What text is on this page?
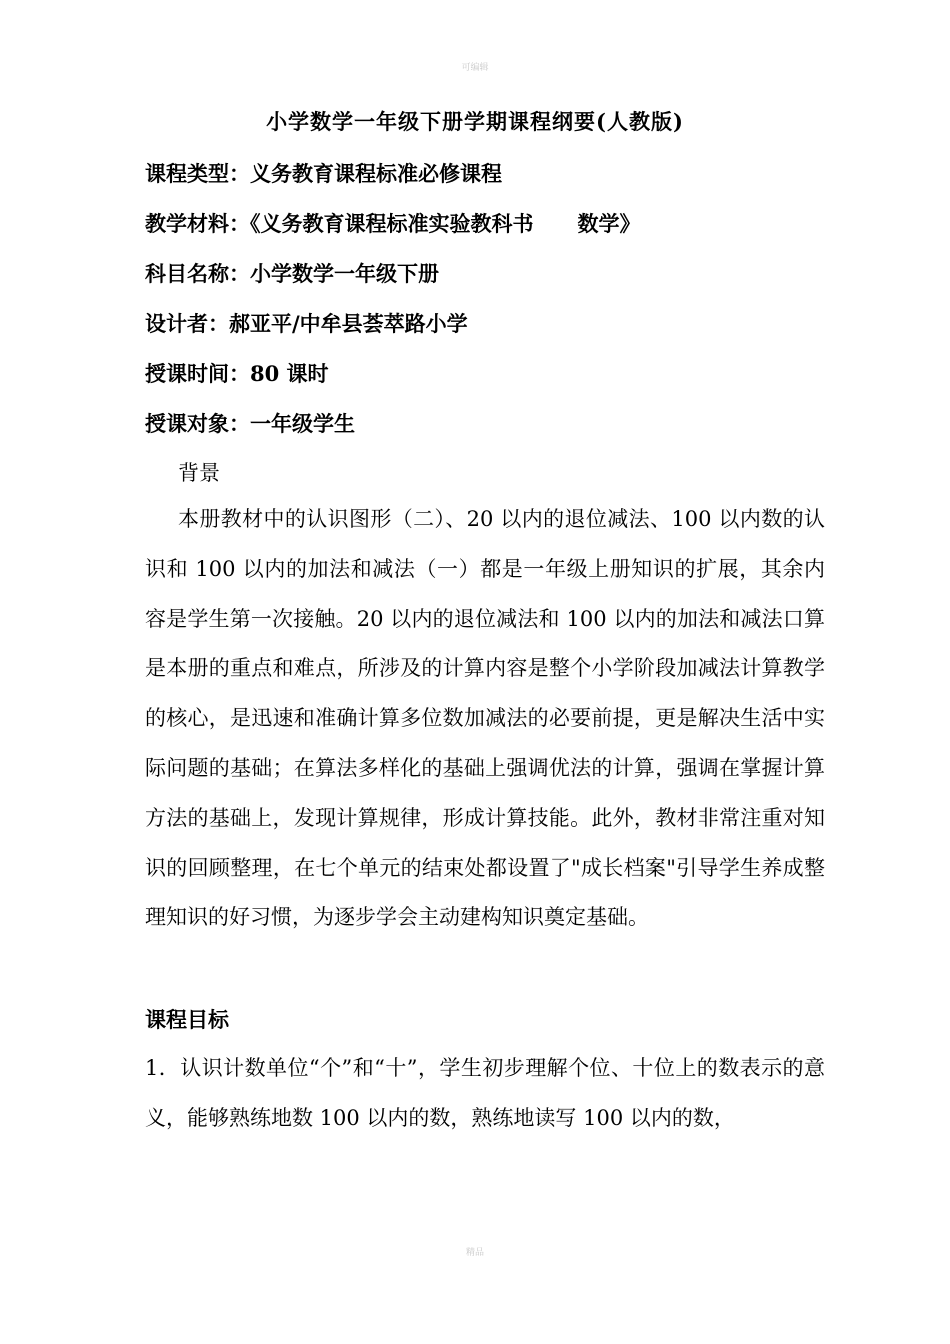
可编辑
小学数学一年级下册学期课程纲要(人教版)
课程类型：义务教育课程标准必修课程
教学材料：《义务教育课程标准实验教科书 数学》
科目名称：小学数学一年级下册
设计者：郝亚平/中牟县荟萃路小学
授课时间：80 课时
授课对象：一年级学生
背景

本册教材中的认识图形（二）、20 以内的退位减法、100 以内数的认识和 100 以内的加法和减法（一）都是一年级上册知识的扩展，其余内容是学生第一次接触。20 以内的退位减法和 100 以内的加法和减法口算是本册的重点和难点，所涉及的计算内容是整个小学阶段加减法计算教学的核心，是迅速和准确计算多位数加减法的必要前提，更是解决生活中实际问题的基础；在算法多样化的基础上强调优法的计算，强调在掌握计算方法的基础上，发现计算规律，形成计算技能。此外，教材非常注重对知识的回顾整理，在七个单元的结束处都设置了"成长档案"引导学生养成整理知识的好习惯，为逐步学会主动建构知识奠定基础。

课程目标

1．认识计数单位“个”和“十”，学生初步理解个位、十位上的数表示的意义，能够熟练地数 100 以内的数，熟练地读写 100 以内的数，

精品
